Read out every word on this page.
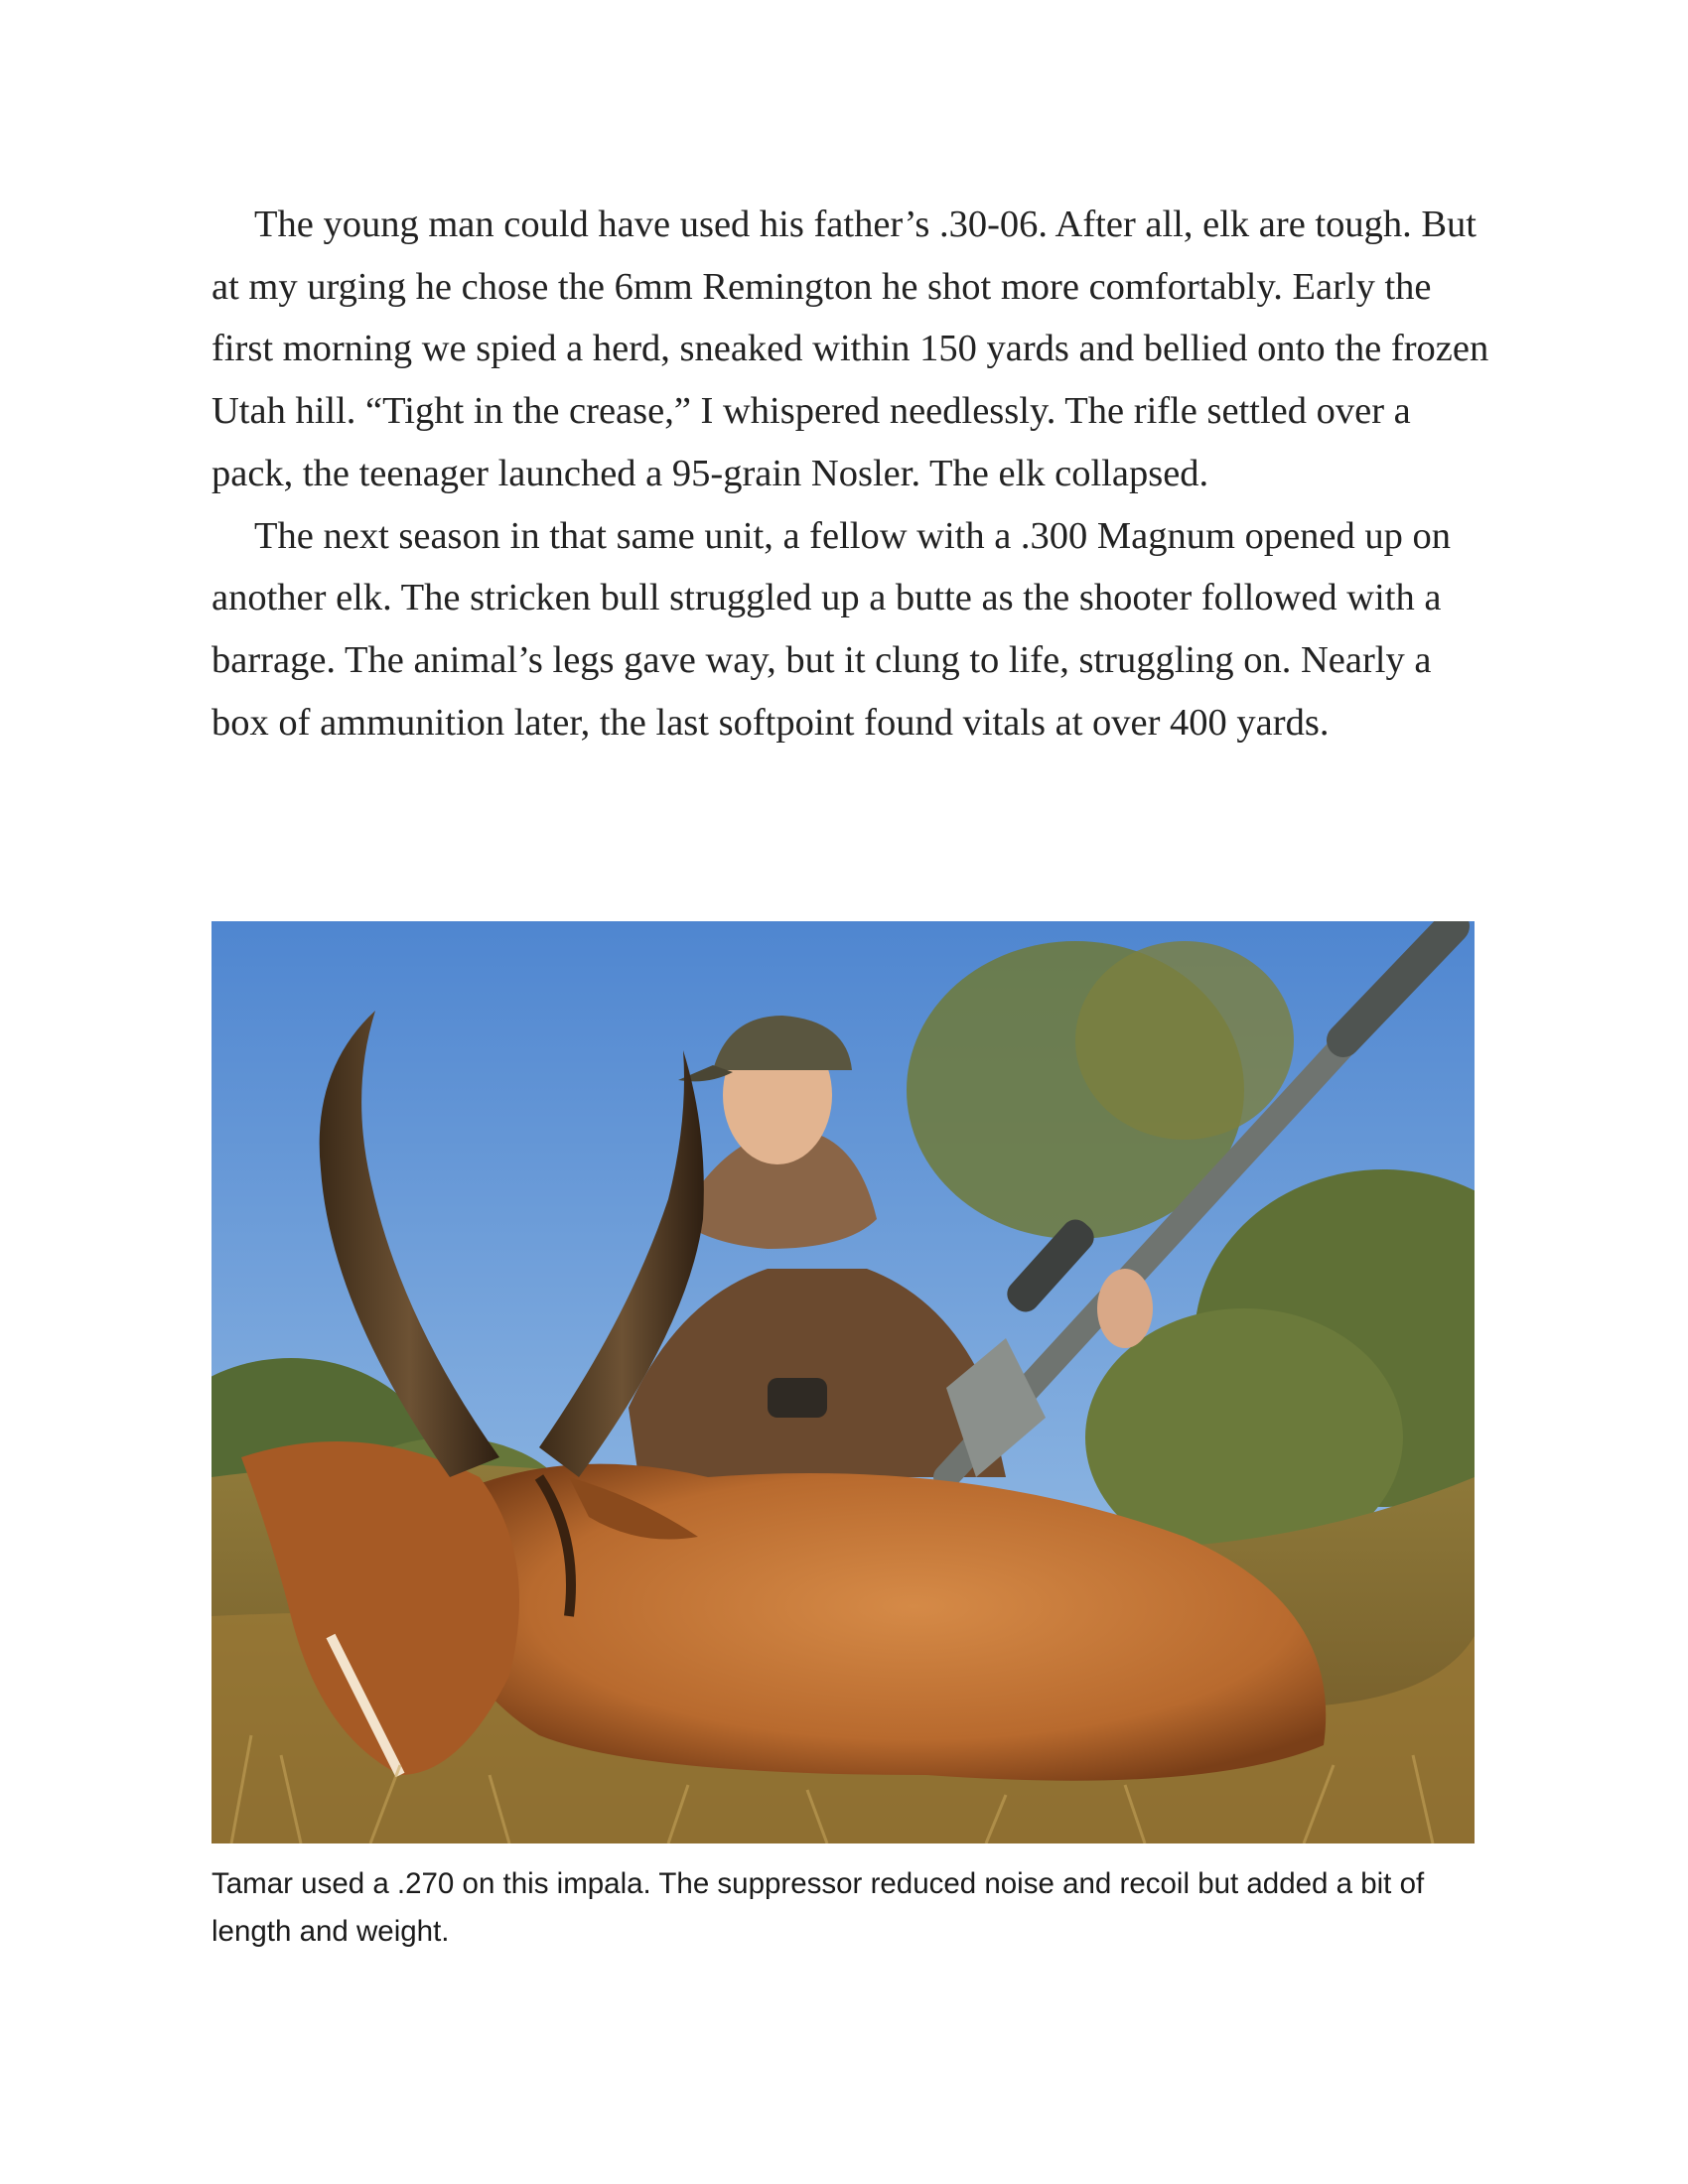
The young man could have used his father’s .30-06. After all, elk are tough. But at my urging he chose the 6mm Remington he shot more comfortably. Early the first morning we spied a herd, sneaked within 150 yards and bellied onto the frozen Utah hill. “Tight in the crease,” I whispered needlessly. The rifle settled over a pack, the teenager launched a 95-grain Nosler. The elk collapsed.

The next season in that same unit, a fellow with a .300 Magnum opened up on another elk. The stricken bull struggled up a butte as the shooter followed with a barrage. The animal’s legs gave way, but it clung to life, struggling on. Nearly a box of ammunition later, the last softpoint found vitals at over 400 yards.

Tamar used a .270 on this impala. The suppressor reduced noise and recoil but added a bit of length and weight.
